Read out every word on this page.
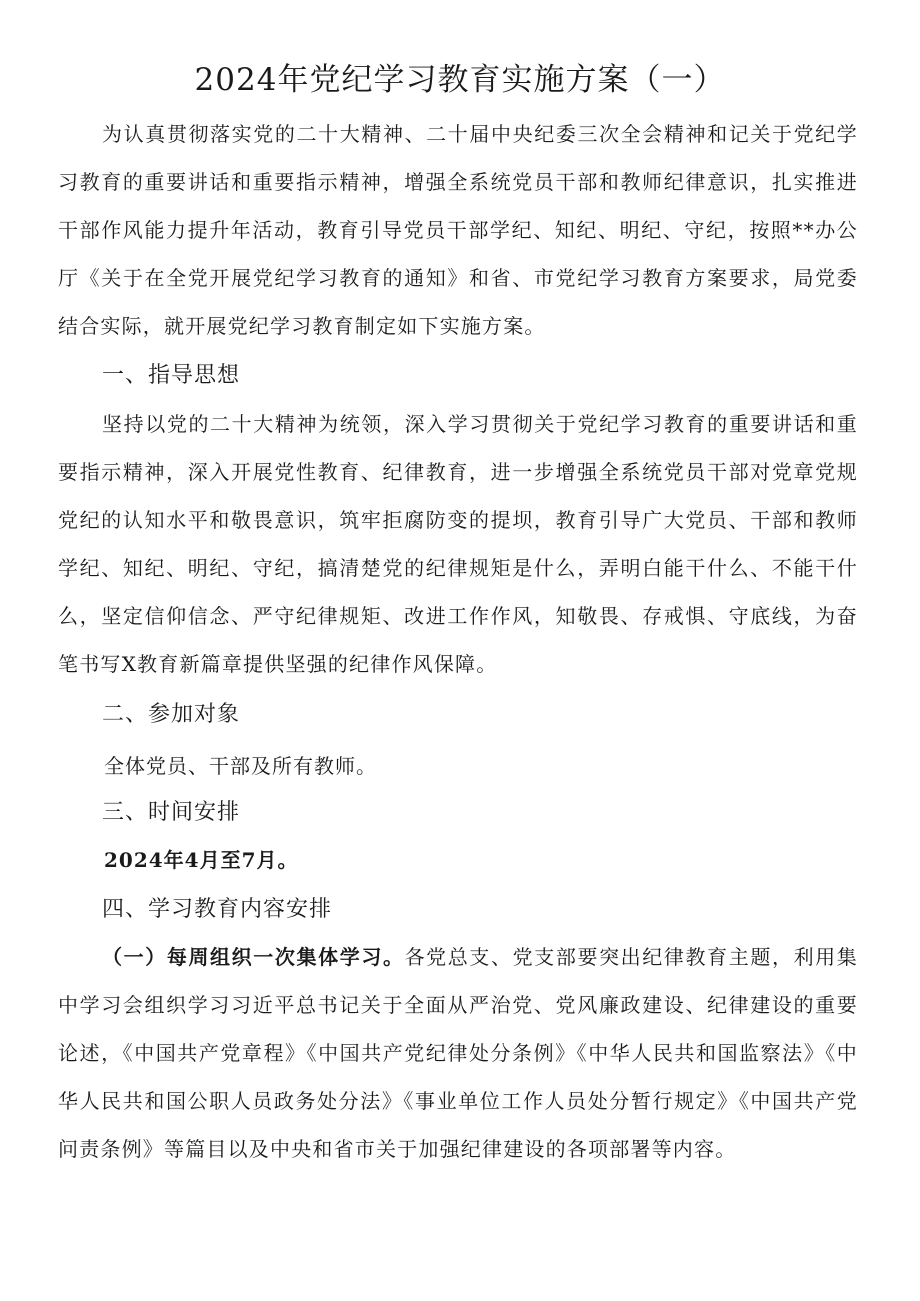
2024年党纪学习教育实施方案（一）
为认真贯彻落实党的二十大精神、二十届中央纪委三次全会精神和记关于党纪学习教育的重要讲话和重要指示精神，增强全系统党员干部和教师纪律意识，扎实推进干部作风能力提升年活动，教育引导党员干部学纪、知纪、明纪、守纪，按照**办公厅《关于在全党开展党纪学习教育的通知》和省、市党纪学习教育方案要求，局党委结合实际，就开展党纪学习教育制定如下实施方案。
一、指导思想
坚持以党的二十大精神为统领，深入学习贯彻关于党纪学习教育的重要讲话和重要指示精神，深入开展党性教育、纪律教育，进一步增强全系统党员干部对党章党规党纪的认知水平和敬畏意识，筑牢拒腐防变的提坝，教育引导广大党员、干部和教师学纪、知纪、明纪、守纪，搞清楚党的纪律规矩是什么，弄明白能干什么、不能干什么，坚定信仰信念、严守纪律规矩、改进工作作风，知敬畏、存戒惧、守底线，为奋笔书写X教育新篇章提供坚强的纪律作风保障。
二、参加对象
全体党员、干部及所有教师。
三、时间安排
2024年4月至7月。
四、学习教育内容安排
（一）每周组织一次集体学习。各党总支、党支部要突出纪律教育主题，利用集中学习会组织学习习近平总书记关于全面从严治党、党风廉政建设、纪律建设的重要论述，《中国共产党章程》《中国共产党纪律处分条例》《中华人民共和国监察法》《中华人民共和国公职人员政务处分法》《事业单位工作人员处分暂行规定》《中国共产党问责条例》等篇目以及中央和省市关于加强纪律建设的各项部署等内容。
